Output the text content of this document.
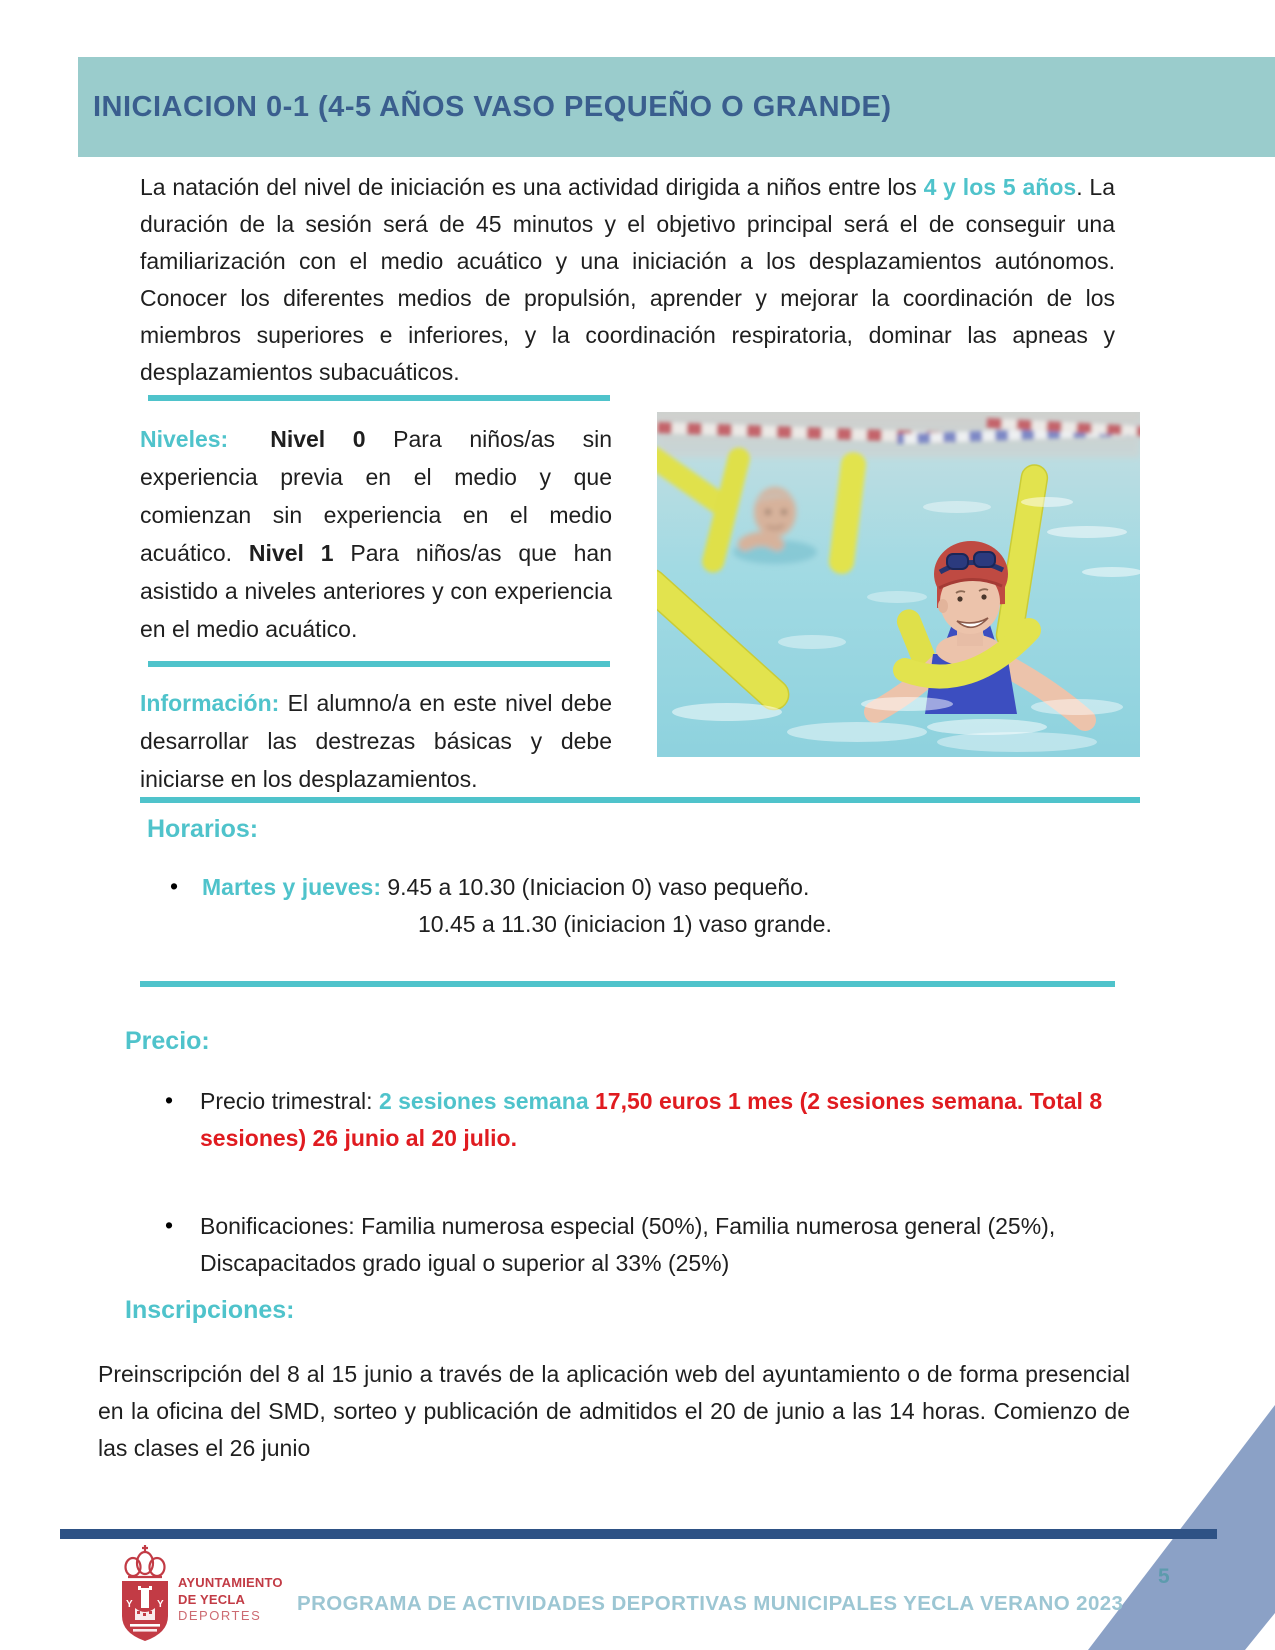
INICIACION 0-1 (4-5 AÑOS VASO PEQUEÑO O GRANDE)
La natación del nivel de iniciación es una actividad dirigida a niños entre los 4 y los 5 años. La duración de la sesión será de 45 minutos y el objetivo principal será el de conseguir una familiarización con el medio acuático y una iniciación a los desplazamientos autónomos. Conocer los diferentes medios de propulsión, aprender y mejorar la coordinación de los miembros superiores e inferiores, y la coordinación respiratoria, dominar las apneas y desplazamientos subacuáticos.
Niveles: Nivel 0 Para niños/as sin experiencia previa en el medio y que comienzan sin experiencia en el medio acuático. Nivel 1 Para niños/as que han asistido a niveles anteriores y con experiencia en el medio acuático.
Información: El alumno/a en este nivel debe desarrollar las destrezas básicas y debe iniciarse en los desplazamientos.
Horarios:
• Martes y jueves: 9.45 a 10.30 (Iniciacion 0) vaso pequeño.
10.45 a 11.30 (iniciacion 1) vaso grande.
Precio:
• Precio trimestral: 2 sesiones semana 17,50 euros 1 mes (2 sesiones semana. Total 8 sesiones) 26 junio al 20 julio.
• Bonificaciones: Familia numerosa especial (50%), Familia numerosa general (25%), Discapacitados grado igual o superior al 33% (25%)
Inscripciones:
Preinscripción del 8 al 15 junio a través de la aplicación web del ayuntamiento o de forma presencial en la oficina del SMD, sorteo y publicación de admitidos el 20 de junio a las 14 horas. Comienzo de las clases el 26 junio
Y Y
AYUNTAMIENTO
DE YECLA
DEPORTES
PROGRAMA DE ACTIVIDADES DEPORTIVAS MUNICIPALES YECLA VERANO 2023
5
